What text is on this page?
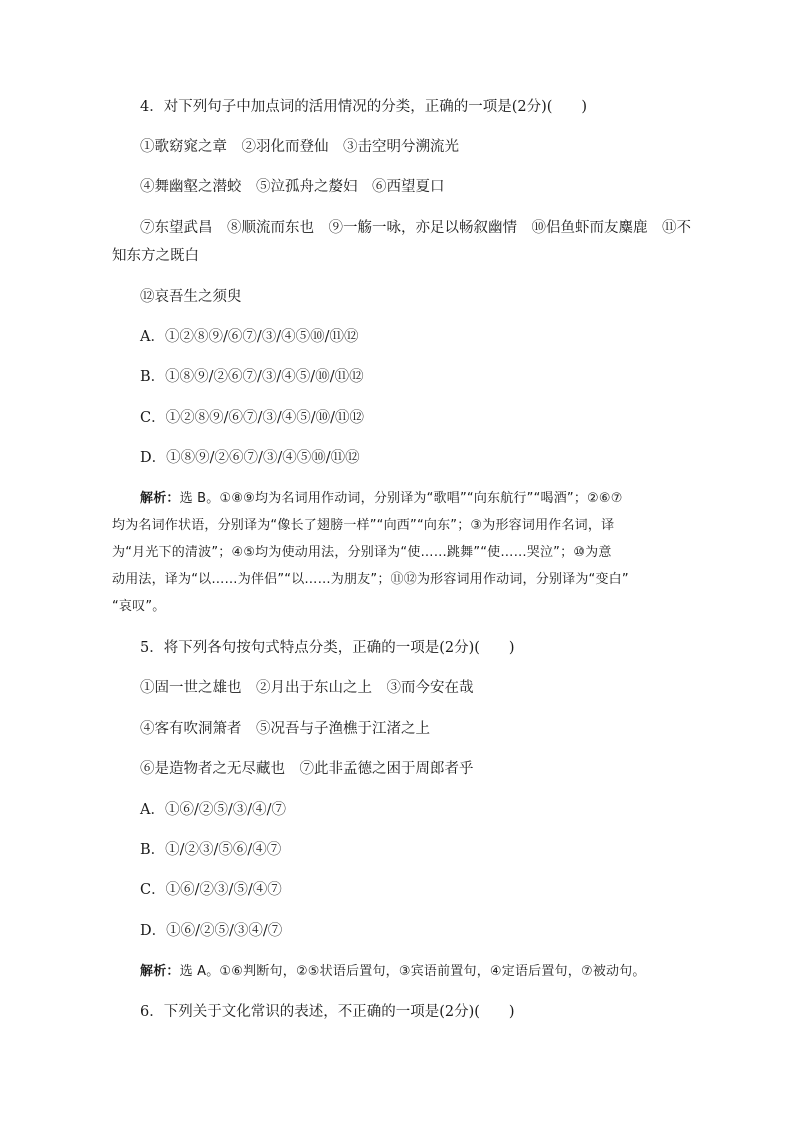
4．对下列句子中加点词的活用情况的分类，正确的一项是(2分)(　　)
①歌窈窕之章　②羽化而登仙　③击空明兮溯流光
④舞幽壑之潜蛟　⑤泣孤舟之嫠妇　⑥西望夏口
⑦东望武昌　⑧顺流而东也　⑨一觞一咏，亦足以畅叙幽情　⑩侣鱼虾而友麋鹿　⑪不
知东方之既白
⑫哀吾生之须臾
A．①②⑧⑨/⑥⑦/③/④⑤⑩/⑪⑫
B．①⑧⑨/②⑥⑦/③/④⑤/⑩/⑪⑫
C．①②⑧⑨/⑥⑦/③/④⑤/⑩/⑪⑫
D．①⑧⑨/②⑥⑦/③/④⑤⑩/⑪⑫
解析：选 B。①⑧⑨均为名词用作动词，分别译为“歌唱”“向东航行”“喝酒”；②⑥⑦
均为名词作状语，分别译为“像长了翅膀一样”“向西”“向东”；③为形容词用作名词，译
为“月光下的清波”；④⑤均为使动用法，分别译为“使……跳舞”“使……哭泣”；⑩为意
动用法，译为“以……为伴侣”“以……为朋友”；⑪⑫为形容词用作动词，分别译为“变白”
“哀叹”。
5．将下列各句按句式特点分类，正确的一项是(2分)(　　)
①固一世之雄也　②月出于东山之上　③而今安在哉
④客有吹洞箫者　⑤况吾与子渔樵于江渚之上
⑥是造物者之无尽藏也　⑦此非孟德之困于周郎者乎
A．①⑥/②⑤/③/④/⑦
B．①/②③/⑤⑥/④⑦
C．①⑥/②③/⑤/④⑦
D．①⑥/②⑤/③④/⑦
解析：选 A。①⑥判断句，②⑤状语后置句，③宾语前置句，④定语后置句，⑦被动句。
6．下列关于文化常识的表述，不正确的一项是(2分)(　　)
